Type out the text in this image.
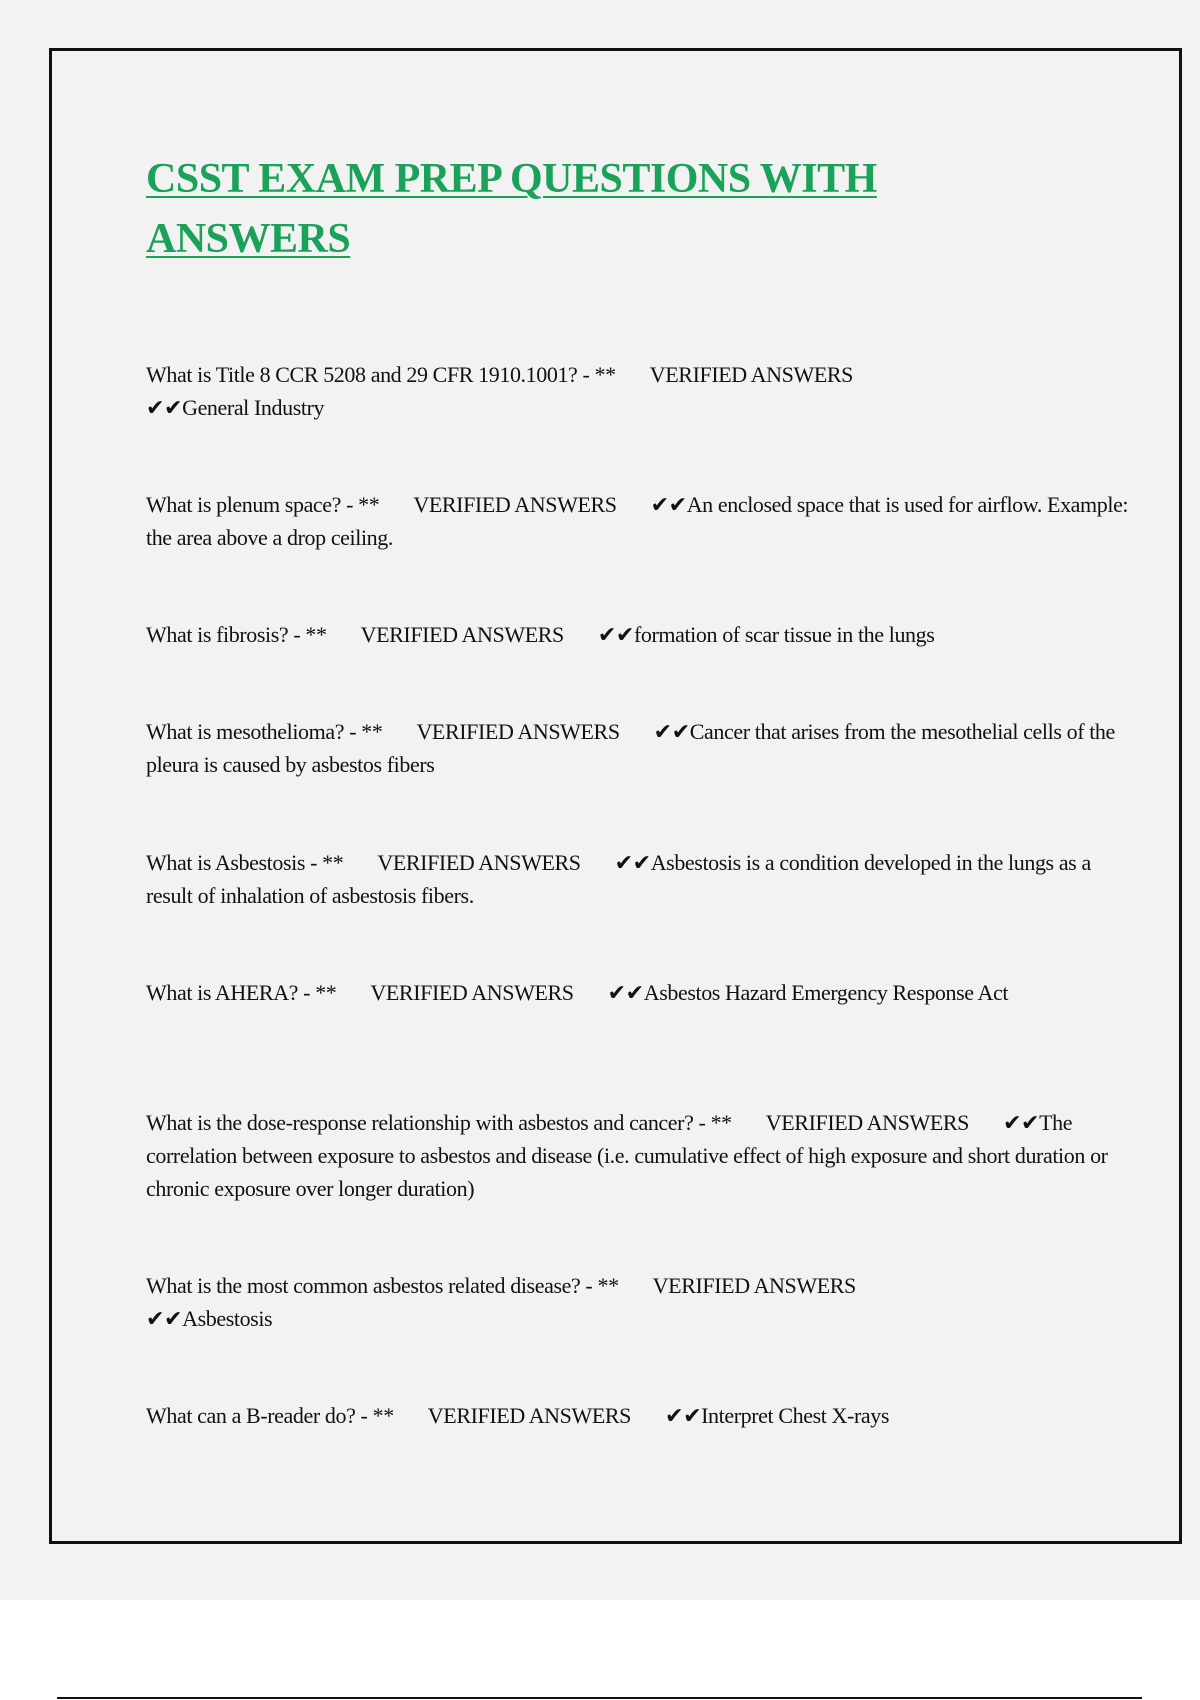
CSST EXAM PREP QUESTIONS WITH ANSWERS

What is Title 8 CCR 5208 and 29 CFR 1910.1001? - ** VERIFIED ANSWERS
✔✔General Industry

What is plenum space? - ** VERIFIED ANSWERS ✔✔An enclosed space that is used for airflow. Example: the area above a drop ceiling.

What is fibrosis? - ** VERIFIED ANSWERS ✔✔formation of scar tissue in the lungs

What is mesothelioma? - ** VERIFIED ANSWERS ✔✔Cancer that arises from the mesothelial cells of the pleura is caused by asbestos fibers

What is Asbestosis - ** VERIFIED ANSWERS ✔✔Asbestosis is a condition developed in the lungs as a result of inhalation of asbestosis fibers.

What is AHERA? - ** VERIFIED ANSWERS ✔✔Asbestos Hazard Emergency Response Act

What is the dose-response relationship with asbestos and cancer? - ** VERIFIED ANSWERS ✔✔The correlation between exposure to asbestos and disease (i.e. cumulative effect of high exposure and short duration or chronic exposure over longer duration)

What is the most common asbestos related disease? - ** VERIFIED ANSWERS
✔✔Asbestosis

What can a B-reader do? - ** VERIFIED ANSWERS ✔✔Interpret Chest X-rays
